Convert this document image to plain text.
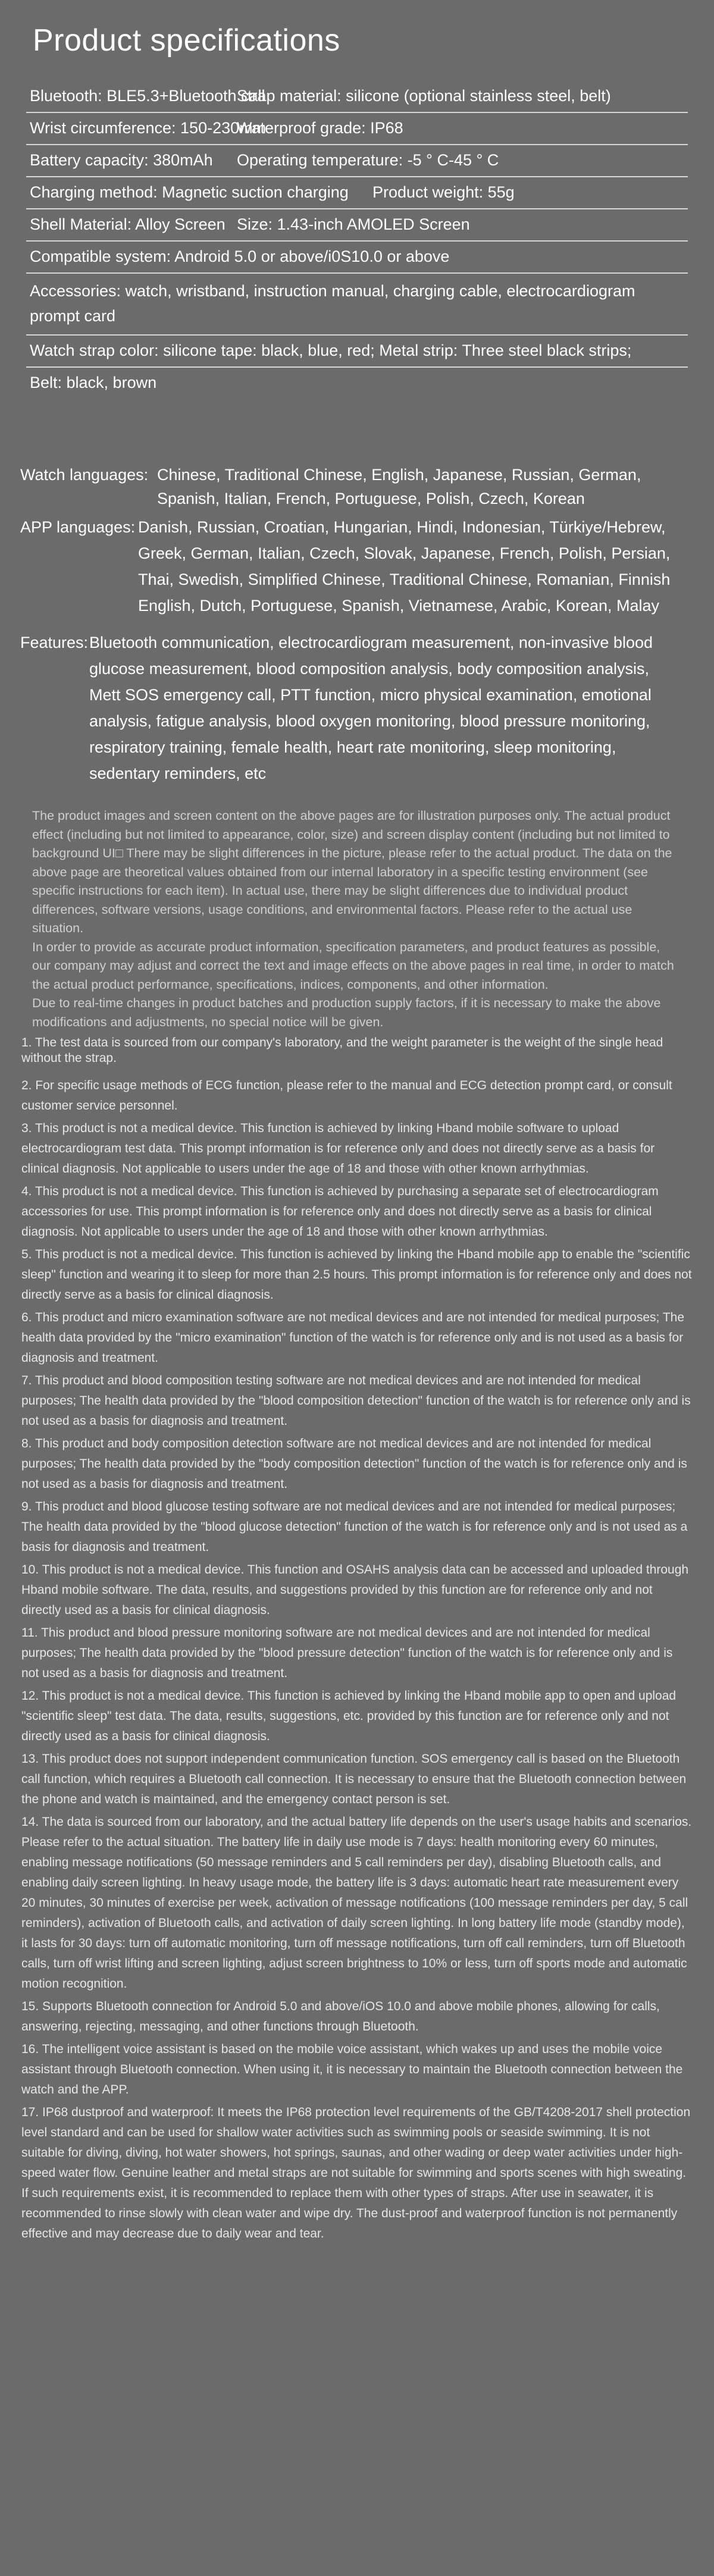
Product specifications
Bluetooth: BLE5.3+Bluetooth call
Strap material: silicone (optional stainless steel, belt)
Wrist circumference: 150-230mm
Waterproof grade: IP68
Battery capacity: 380mAh Operating temperature: -5 ° C-45 ° C
Charging method: Magnetic suction charging Product weight: 55g
Shell Material: Alloy Screen Size: 1.43-inch AMOLED Screen
Compatible system: Android 5.0 or above/i0S10.0 or above
Accessories: watch, wristband, instruction manual, charging cable, electrocardiogram prompt card
Watch strap color: silicone tape: black, blue, red; Metal strip: Three steel black strips;
Belt: black, brown
Watch languages: Chinese, Traditional Chinese, English, Japanese, Russian, German,
Spanish, Italian, French, Portuguese, Polish, Czech, Korean
APP languages: Danish, Russian, Croatian, Hungarian, Hindi, Indonesian, Türkiye/Hebrew,
Greek, German, Italian, Czech, Slovak, Japanese, French, Polish, Persian,
Thai, Swedish, Simplified Chinese, Traditional Chinese, Romanian, Finnish
English, Dutch, Portuguese, Spanish, Vietnamese, Arabic, Korean, Malay
Features: Bluetooth communication, electrocardiogram measurement, non-invasive blood
glucose measurement, blood composition analysis, body composition analysis,
Mett SOS emergency call, PTT function, micro physical examination, emotional
analysis, fatigue analysis, blood oxygen monitoring, blood pressure monitoring,
respiratory training, female health, heart rate monitoring, sleep monitoring,
sedentary reminders, etc

The product images and screen content on the above pages are for illustration purposes only. The actual product effect (including but not limited to appearance, color, size) and screen display content (including but not limited to background UI□ There may be slight differences in the picture, please refer to the actual product. The data on the above page are theoretical values obtained from our internal laboratory in a specific testing environment (see specific instructions for each item). In actual use, there may be slight differences due to individual product differences, software versions, usage conditions, and environmental factors. Please refer to the actual use situation.

In order to provide as accurate product information, specification parameters, and product features as possible, our company may adjust and correct the text and image effects on the above pages in real time, in order to match the actual product performance, specifications, indices, components, and other information.

Due to real-time changes in product batches and production supply factors, if it is necessary to make the above modifications and adjustments, no special notice will be given.

1. The test data is sourced from our company's laboratory, and the weight parameter is the weight of the single head without the strap.

2. For specific usage methods of ECG function, please refer to the manual and ECG detection prompt card, or consult customer service personnel.

3. This product is not a medical device. This function is achieved by linking Hband mobile software to upload electrocardiogram test data. This prompt information is for reference only and does not directly serve as a basis for clinical diagnosis. Not applicable to users under the age of 18 and those with other known arrhythmias.

4. This product is not a medical device. This function is achieved by purchasing a separate set of electrocardiogram accessories for use. This prompt information is for reference only and does not directly serve as a basis for clinical diagnosis. Not applicable to users under the age of 18 and those with other known arrhythmias.

5. This product is not a medical device. This function is achieved by linking the Hband mobile app to enable the "scientific sleep" function and wearing it to sleep for more than 2.5 hours. This prompt information is for reference only and does not directly serve as a basis for clinical diagnosis.

6. This product and micro examination software are not medical devices and are not intended for medical purposes; The health data provided by the "micro examination" function of the watch is for reference only and is not used as a basis for diagnosis and treatment.

7. This product and blood composition testing software are not medical devices and are not intended for medical purposes; The health data provided by the "blood composition detection" function of the watch is for reference only and is not used as a basis for diagnosis and treatment.

8. This product and body composition detection software are not medical devices and are not intended for medical purposes; The health data provided by the "body composition detection" function of the watch is for reference only and is not used as a basis for diagnosis and treatment.

9. This product and blood glucose testing software are not medical devices and are not intended for medical purposes; The health data provided by the "blood glucose detection" function of the watch is for reference only and is not used as a basis for diagnosis and treatment.

10. This product is not a medical device. This function and OSAHS analysis data can be accessed and uploaded through Hband mobile software. The data, results, and suggestions provided by this function are for reference only and not directly used as a basis for clinical diagnosis.

11. This product and blood pressure monitoring software are not medical devices and are not intended for medical purposes; The health data provided by the "blood pressure detection" function of the watch is for reference only and is not used as a basis for diagnosis and treatment.

12. This product is not a medical device. This function is achieved by linking the Hband mobile app to open and upload "scientific sleep" test data. The data, results, suggestions, etc. provided by this function are for reference only and not directly used as a basis for clinical diagnosis.

13. This product does not support independent communication function. SOS emergency call is based on the Bluetooth call function, which requires a Bluetooth call connection. It is necessary to ensure that the Bluetooth connection between the phone and watch is maintained, and the emergency contact person is set.

14. The data is sourced from our laboratory, and the actual battery life depends on the user's usage habits and scenarios. Please refer to the actual situation. The battery life in daily use mode is 7 days: health monitoring every 60 minutes, enabling message notifications (50 message reminders and 5 call reminders per day), disabling Bluetooth calls, and enabling daily screen lighting. In heavy usage mode, the battery life is 3 days: automatic heart rate measurement every 20 minutes, 30 minutes of exercise per week, activation of message notifications (100 message reminders per day, 5 call reminders), activation of Bluetooth calls, and activation of daily screen lighting. In long battery life mode (standby mode), it lasts for 30 days: turn off automatic monitoring, turn off message notifications, turn off call reminders, turn off Bluetooth calls, turn off wrist lifting and screen lighting, adjust screen brightness to 10% or less, turn off sports mode and automatic motion recognition.

15. Supports Bluetooth connection for Android 5.0 and above/iOS 10.0 and above mobile phones, allowing for calls, answering, rejecting, messaging, and other functions through Bluetooth.

16. The intelligent voice assistant is based on the mobile voice assistant, which wakes up and uses the mobile voice assistant through Bluetooth connection. When using it, it is necessary to maintain the Bluetooth connection between the watch and the APP.

17. IP68 dustproof and waterproof: It meets the IP68 protection level requirements of the GB/T4208-2017 shell protection level standard and can be used for shallow water activities such as swimming pools or seaside swimming. It is not suitable for diving, diving, hot water showers, hot springs, saunas, and other wading or deep water activities under high-speed water flow. Genuine leather and metal straps are not suitable for swimming and sports scenes with high sweating. If such requirements exist, it is recommended to replace them with other types of straps. After use in seawater, it is recommended to rinse slowly with clean water and wipe dry. The dust-proof and waterproof function is not permanently effective and may decrease due to daily wear and tear.
